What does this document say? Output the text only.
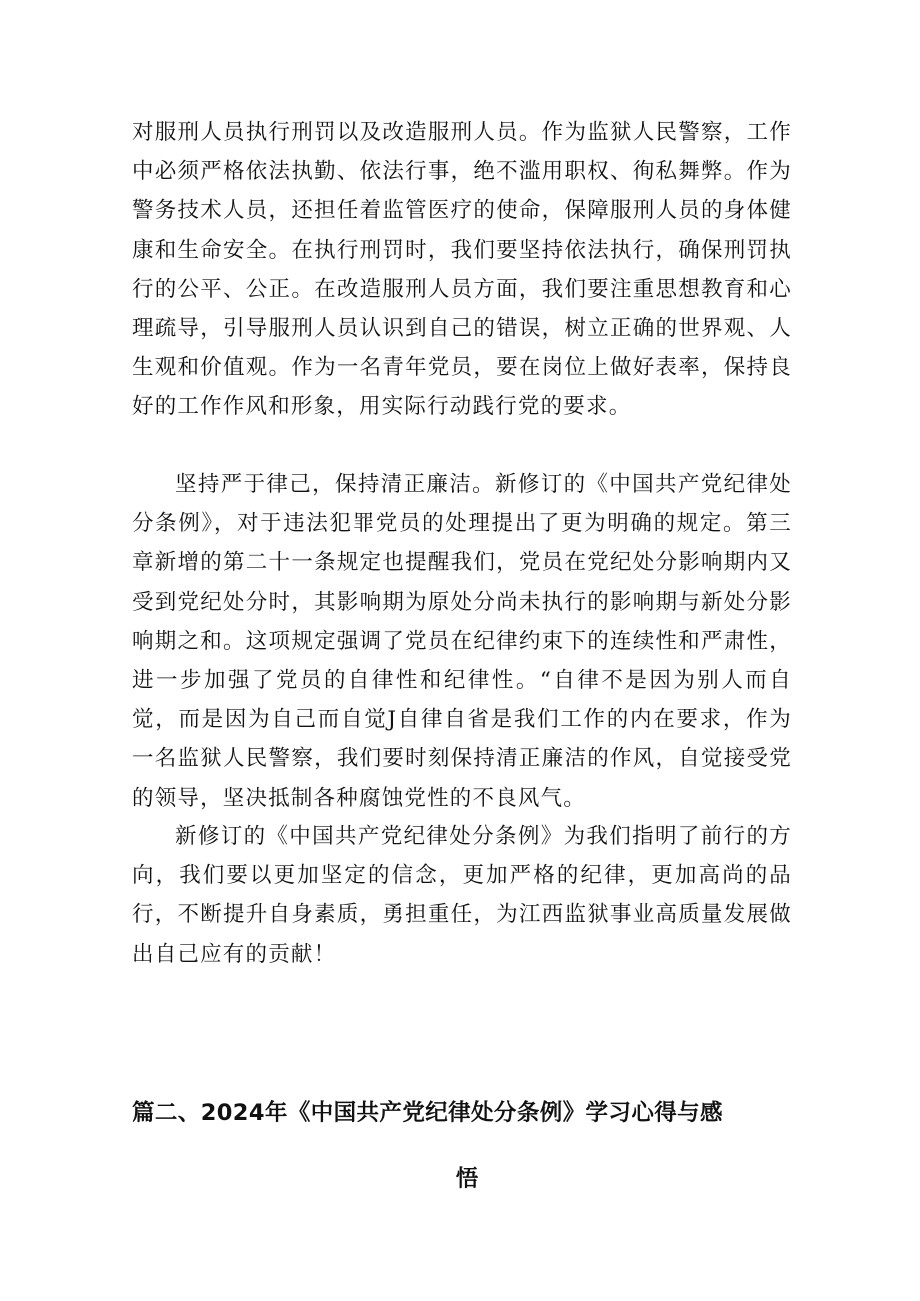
对服刑人员执行刑罚以及改造服刑人员。作为监狱人民警察，工作中必须严格依法执勤、依法行事，绝不滥用职权、徇私舞弊。作为警务技术人员，还担任着监管医疗的使命，保障服刑人员的身体健康和生命安全。在执行刑罚时，我们要坚持依法执行，确保刑罚执行的公平、公正。在改造服刑人员方面，我们要注重思想教育和心理疏导，引导服刑人员认识到自己的错误，树立正确的世界观、人生观和价值观。作为一名青年党员，要在岗位上做好表率，保持良好的工作作风和形象，用实际行动践行党的要求。

坚持严于律己，保持清正廉洁。新修订的《中国共产党纪律处分条例》，对于违法犯罪党员的处理提出了更为明确的规定。第三章新增的第二十一条规定也提醒我们，党员在党纪处分影响期内又受到党纪处分时，其影响期为原处分尚未执行的影响期与新处分影响期之和。这项规定强调了党员在纪律约束下的连续性和严肃性，进一步加强了党员的自律性和纪律性。“自律不是因为别人而自觉，而是因为自己而自觉J自律自省是我们工作的内在要求，作为一名监狱人民警察，我们要时刻保持清正廉洁的作风，自觉接受党的领导，坚决抵制各种腐蚀党性的不良风气。

新修订的《中国共产党纪律处分条例》为我们指明了前行的方向，我们要以更加坚定的信念，更加严格的纪律，更加高尚的品行，不断提升自身素质，勇担重任，为江西监狱事业高质量发展做出自己应有的贡献！

篇二、2024年《中国共产党纪律处分条例》学习心得与感
悟
